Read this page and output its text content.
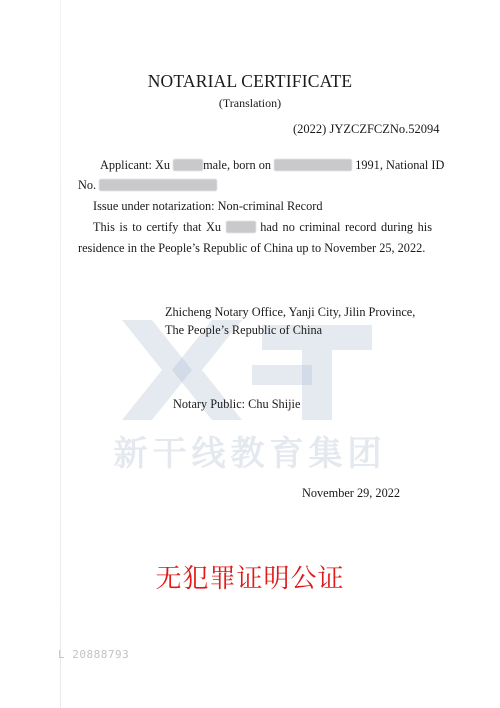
新干线教育集团
NOTARIAL CERTIFICATE
(Translation)
(2022) JYZCZFCZNo.52094
Applicant: Xu	male, born on	1991, National ID
No.
Issue under notarization: Non-criminal Record
This is to certify that Xu	had no criminal record during his
residence in the People’s Republic of China up to November 25, 2022.
Zhicheng Notary Office, Yanji City, Jilin Province,
The People’s Republic of China
Notary Public: Chu Shijie
November 29, 2022
无犯罪证明公证
L 20888793
